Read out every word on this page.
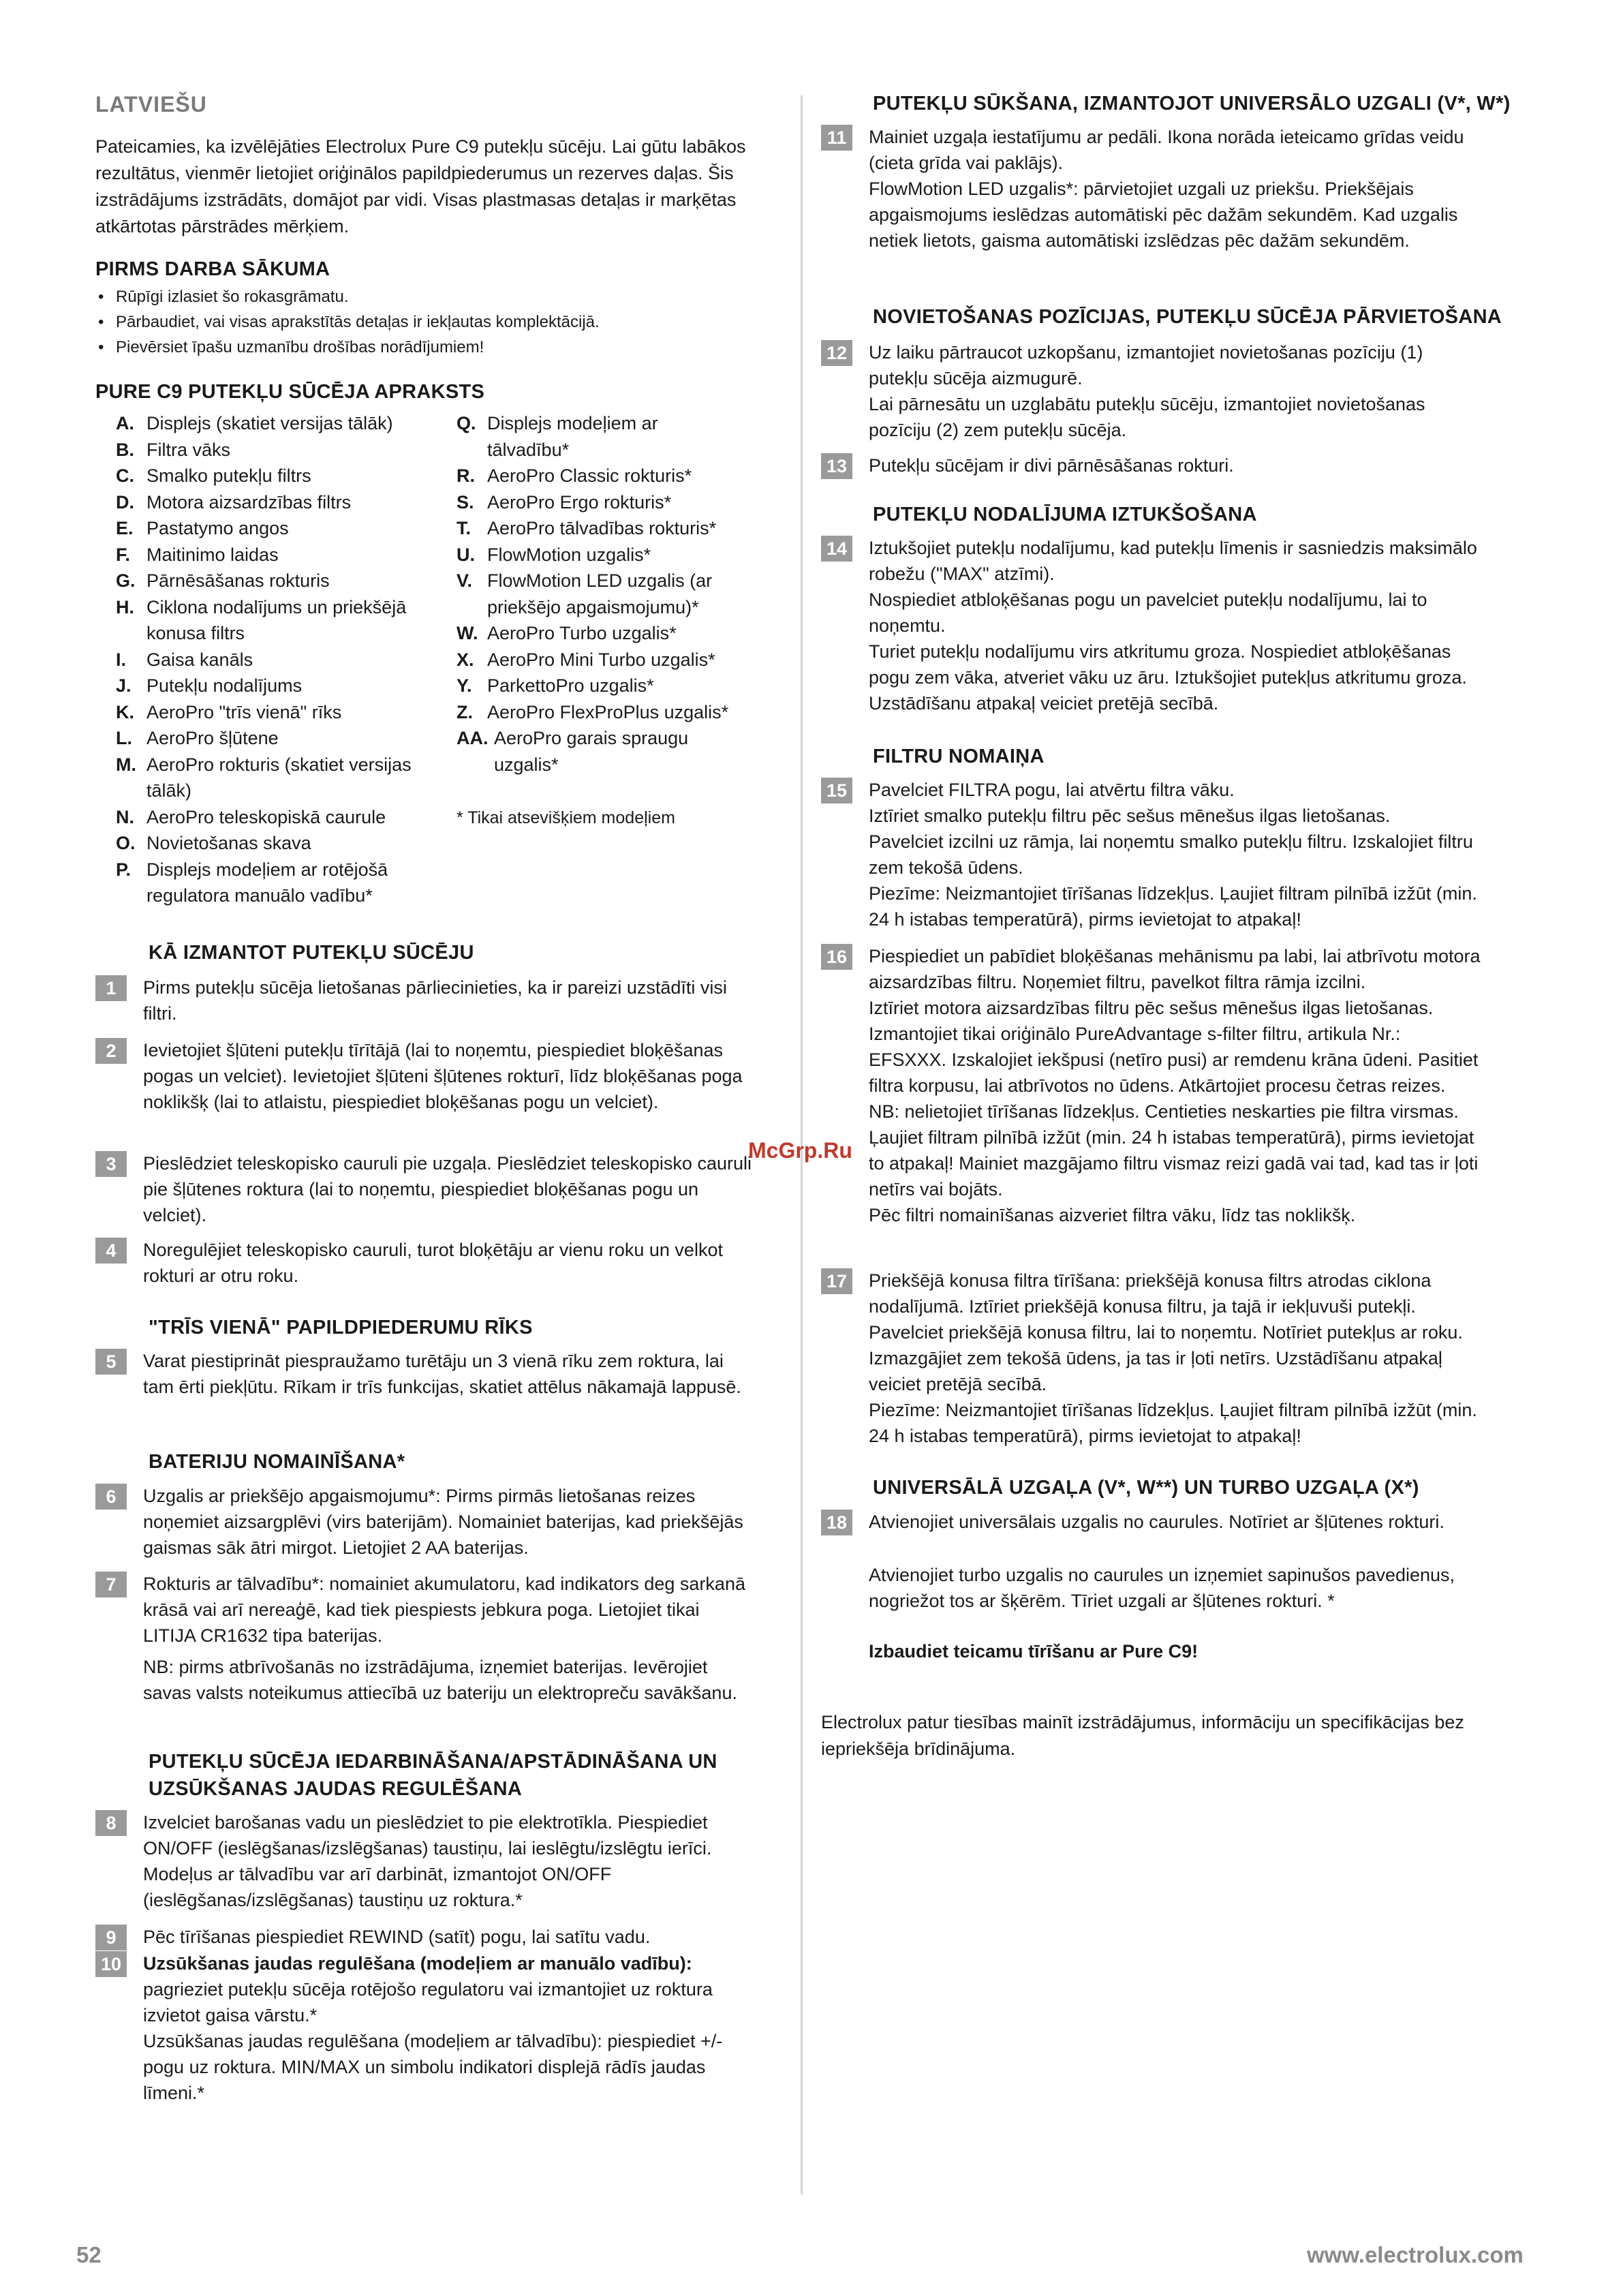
LATVIEŠU

Pateicamies, ka izvēlējāties Electrolux Pure C9 putekļu sūcēju. Lai gūtu labākos rezultātus, vienmēr lietojiet oriģinālos papildpiederumus un rezerves daļas. Šis izstrādājums izstrādāts, domājot par vidi. Visas plastmasas detaļas ir marķētas atkārtotas pārstrādes mērķiem.

PIRMS DARBA SĀKUMA

• Rūpīgi izlasiet šo rokasgrāmatu.
• Pārbaudiet, vai visas aprakstītās detaļas ir iekļautas komplektācijā.
• Pievērsiet īpašu uzmanību drošības norādījumiem!

PURE C9 PUTEKĻU SŪCĒJA APRAKSTS

A. Displejs (skatiet versijas tālāk)
B. Filtra vāks
C. Smalko putekļu filtrs
D. Motora aizsardzības filtrs
E. Pastatymo angos
F. Maitinimo laidas
G. Pārnēsāšanas rokturis
H. Ciklona nodalījums un priekšējā konusa filtrs
I.	Gaisa kanāls
J. Putekļu nodalījums
K. AeroPro "trīs vienā" rīks
L. AeroPro šļūtene
M. AeroPro rokturis (skatiet versijas tālāk)
N. AeroPro teleskopiskā caurule
O. Novietošanas skava
P. Displejs modeļiem ar rotējošā regulatora manuālo vadību*
Q. Displejs modeļiem ar tālvadību*
R. AeroPro Classic rokturis*
S. AeroPro Ergo rokturis*
T. AeroPro tālvadības rokturis*
U. FlowMotion uzgalis*
V. FlowMotion LED uzgalis (ar priekšējo apgaismojumu)*
W. AeroPro Turbo uzgalis*
X. AeroPro Mini Turbo uzgalis*
Y. ParkettoPro uzgalis*
Z. AeroPro FlexProPlus uzgalis*
AA. AeroPro garais spraugu uzgalis*
* Tikai atsevišķiem modeļiem

KĀ IZMANTOT PUTEKĻU SŪCĒJU

1	Pirms putekļu sūcēja lietošanas pārliecinieties, ka ir pareizi uzstādīti visi filtri.

2	Ievietojiet šļūteni putekļu tīrītājā (lai to noņemtu, piespiediet bloķēšanas pogas un velciet). Ievietojiet šļūteni šļūtenes rokturī, līdz bloķēšanas poga noklikšķ (lai to atlaistu, piespiediet bloķēšanas pogu un velciet).

3	Pieslēdziet teleskopisko cauruli pie uzgaļa. Pieslēdziet teleskopisko cauruli pie šļūtenes roktura (lai to noņemtu, piespiediet bloķēšanas pogu un velciet).

4	Noregulējiet teleskopisko cauruli, turot bloķētāju ar vienu roku un velkot rokturi ar otru roku.

"TRĪS VIENĀ" PAPILDPIEDERUMU RĪKS

5	Varat piestiprināt piespraužamo turētāju un 3 vienā rīku zem roktura, lai tam ērti piekļūtu. Rīkam ir trīs funkcijas, skatiet attēlus nākamajā lappusē.

BATERIJU NOMAINĪŠANA*

6	Uzgalis ar priekšējo apgaismojumu*: Pirms pirmās lietošanas reizes noņemiet aizsargplēvi (virs baterijām). Nomainiet baterijas, kad priekšējās gaismas sāk ātri mirgot. Lietojiet 2 AA baterijas.

7	Rokturis ar tālvadību*: nomainiet akumulatoru, kad indikators deg sarkanā krāsā vai arī nereaģē, kad tiek piespiests jebkura poga. Lietojiet tikai LITIJA CR1632 tipa baterijas.

NB: pirms atbrīvošanās no izstrādājuma, izņemiet baterijas. Ievērojiet savas valsts noteikumus attiecībā uz bateriju un elektropreču savākšanu.

PUTEKĻU SŪCĒJA IEDARBINĀŠANA/APSTĀDINĀŠANA UN UZSŪKŠANAS JAUDAS REGULĒŠANA

8	Izvelciet barošanas vadu un pieslēdziet to pie elektrotīkla. Piespiediet ON/OFF (ieslēgšanas/izslēgšanas) taustiņu, lai ieslēgtu/izslēgtu ierīci. Modeļus ar tālvadību var arī darbināt, izmantojot ON/OFF (ieslēgšanas/izslēgšanas) taustiņu uz roktura.*

9	Pēc tīrīšanas piespiediet REWIND (satīt) pogu, lai satītu vadu.

10 Uzsūkšanas jaudas regulēšana (modeļiem ar manuālo vadību): pagrieziet putekļu sūcēja rotējošo regulatoru vai izmantojiet uz roktura izvietot gaisa vārstu.*

Uzsūkšanas jaudas regulēšana (modeļiem ar tālvadību): piespiediet +/- pogu uz rokturа. MIN/MAX un simbolu indikatori displejā rādīs jaudas līmeni.*

PUTEKĻU SŪKŠANA, IZMANTOJOT UNIVERSĀLO UZGALI (V*, W*)

11	Mainiet uzgaļa iestatījumu ar pedāli. Ikona norāda ieteicamo grīdas veidu (cieta grīda vai paklājs).

FlowMotion LED uzgalis*: pārvietojiet uzgali uz priekšu. Priekšējais apgaismojums ieslēdzas automātiski pēc dažām sekundēm. Kad uzgalis netiek lietots, gaisma automātiski izslēdzas pēc dažām sekundēm.

NOVIETOŠANAS POZĪCIJAS, PUTEKĻU SŪCĒJA PĀRVIETOŠANA

12 Uz laiku pārtraucot uzkopšanu, izmantojiet novietošanas pozīciju (1) putekļu sūcēja aizmugurē.

Lai pārnesātu un uzglabātu putekļu sūcēju, izmantojiet novietošanas pozīciju (2) zem putekļu sūcēja.

13 Putekļu sūcējam ir divi pārnēsāšanas rokturi.

PUTEKĻU NODALĪJUMA IZTUKŠOŠANA

14 Iztukšojiet putekļu nodalījumu, kad putekļu līmenis ir sasniedzis maksimālo robežu ("MAX" atzīmi).

Nospiediet atbloķēšanas pogu un pavelciet putekļu nodalījumu, lai to noņemtu.

Turiet putekļu nodalījumu virs atkritumu groza. Nospiediet atbloķēšanas pogu zem vāka, atveriet vāku uz āru. Iztukšojiet putekļus atkritumu groza. Uzstādīšanu atpakaļ veiciet pretējā secībā.

FILTRU NOMAIŅA

15 Pavelciet FILTRA pogu, lai atvērtu filtra vāku.

Iztīriet smalko putekļu filtru pēc sešus mēnešus ilgas lietošanas.

Pavelciet izcilni uz rāmja, lai noņemtu smalko putekļu filtru. Izskalojiet filtru zem tekošā ūdens.

Piezīme: Neizmantojiet tīrīšanas līdzekļus. Ļaujiet filtram pilnībā izžūt (min. 24 h istabas temperatūrā), pirms ievietojat to atpakaļ!

16 Piespiediet un pabīdiet bloķēšanas mehānismu pa labi, lai atbrīvotu motora aizsardzības filtru. Noņemiet filtru, pavelkot filtra rāmja izcilni.

Iztīriet motora aizsardzības filtru pēc sešus mēnešus ilgas lietošanas. Izmantojiet tikai oriģinālo PureAdvantage s-filter filtru, artikula Nr.: EFSXXX. Izskalojiet iekšpusi (netīro pusi) ar remdenu krāna ūdeni. Pasitiet filtra korpusu, lai atbrīvotos no ūdens. Atkārtojiet procesu četras reizes.

NB: nelietojiet tīrīšanas līdzekļus. Centieties neskarties pie filtra virsmas. Ļaujiet filtram pilnībā izžūt (min. 24 h istabas temperatūrā), pirms ievietojat to atpakaļ! Mainiet mazgājamo filtru vismaz reizi gadā vai tad, kad tas ir ļoti netīrs vai bojāts.

Pēc filtri nomainīšanas aizveriet filtra vāku, līdz tas noklikšķ.

17 Priekšējā konusa filtra tīrīšana: priekšējā konusa filtrs atrodas ciklona nodalījumā. Iztīriet priekšējā konusa filtru, ja tajā ir iekļuvuši putekļi.

Pavelciet priekšējā konusa filtru, lai to noņemtu. Notīriet putekļus ar roku. Izmazgājiet zem tekošā ūdens, ja tas ir ļoti netīrs. Uzstādīšanu atpakaļ veiciet pretējā secībā.

Piezīme: Neizmantojiet tīrīšanas līdzekļus. Ļaujiet filtram pilnībā izžūt (min. 24 h istabas temperatūrā), pirms ievietojat to atpakaļ!

UNIVERSĀLĀ UZGAĻA (V*, W**) UN TURBO UZGAĻA (X*)

18 Atvienojiet universālais uzgalis no caurules. Notīriet ar šļūtenes rokturi.

Atvienojiet turbo uzgalis no caurules un izņemiet sapinušos pavedienus, nogriežot tos ar šķērēm. Tīriet uzgali ar šļūtenes rokturi. *

Izbaudiet teicamu tīrīšanu ar Pure C9!

Electrolux patur tiesības mainīt izstrādājumus, informāciju un specifikācijas bez iepriekšēja brīdinājuma.

McGrp.Ru
52	www.electrolux.com
